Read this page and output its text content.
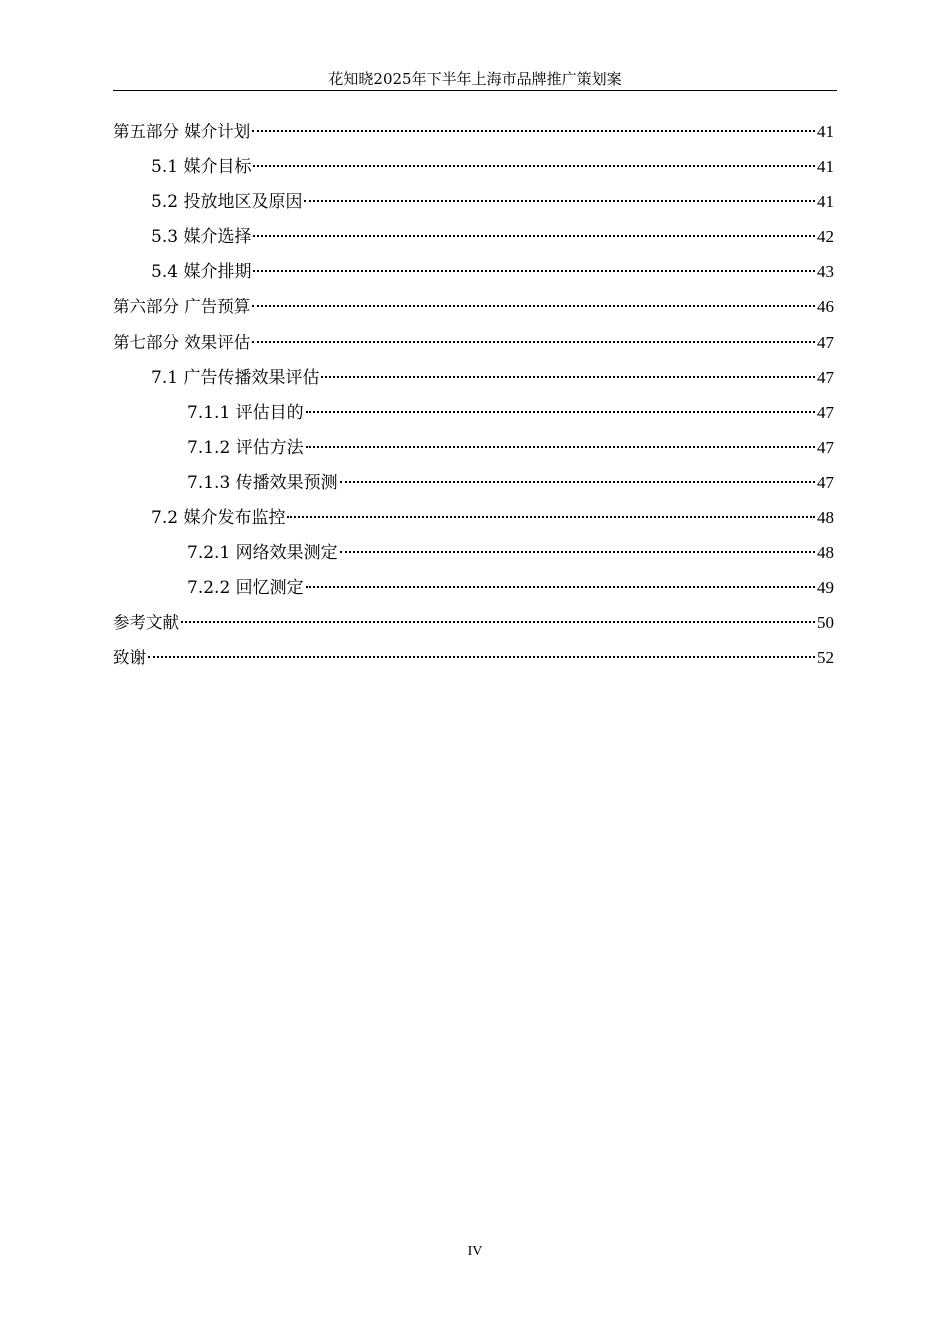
花知晓2025年下半年上海市品牌推广策划案
第五部分 媒介计划	41
5.1 媒介目标	41
5.2 投放地区及原因	41
5.3 媒介选择	42
5.4 媒介排期	43
第六部分 广告预算	46
第七部分 效果评估	47
7.1 广告传播效果评估	47
7.1.1 评估目的	47
7.1.2 评估方法	47
7.1.3 传播效果预测	47
7.2 媒介发布监控	48
7.2.1 网络效果测定	48
7.2.2 回忆测定	49
参考文献	50
致谢	52
IV
